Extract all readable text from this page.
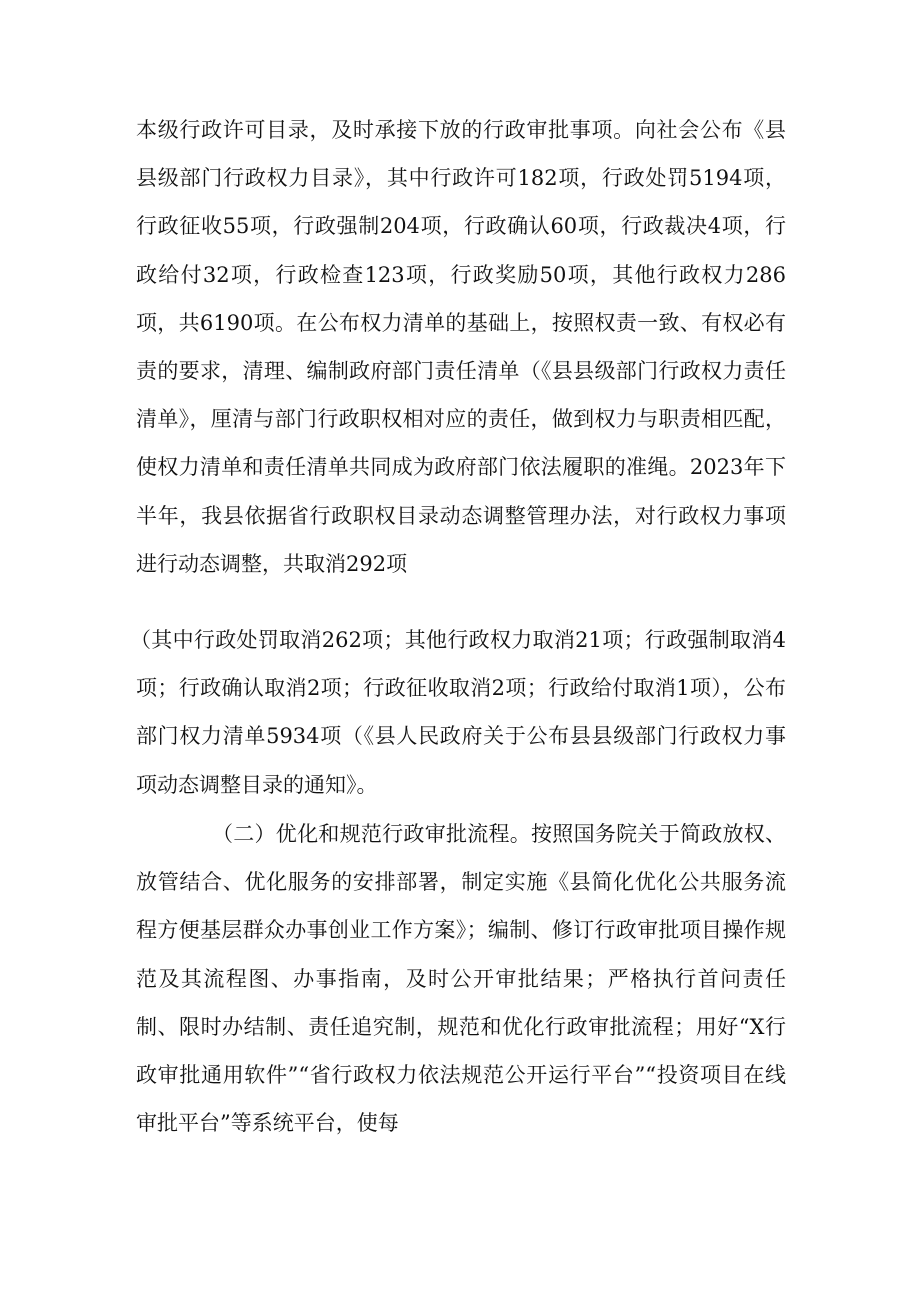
本级行政许可目录，及时承接下放的行政审批事项。向社会公布《县县级部门行政权力目录》，其中行政许可182项，行政处罚5194项，行政征收55项，行政强制204项，行政确认60项，行政裁决4项，行政给付32项，行政检查123项，行政奖励50项，其他行政权力286项，共6190项。在公布权力清单的基础上，按照权责一致、有权必有责的要求，清理、编制政府部门责任清单（《县县级部门行政权力责任清单》，厘清与部门行政职权相对应的责任，做到权力与职责相匹配，使权力清单和责任清单共同成为政府部门依法履职的准绳。2023年下半年，我县依据省行政职权目录动态调整管理办法，对行政权力事项进行动态调整，共取消292项
（其中行政处罚取消262项；其他行政权力取消21项；行政强制取消4项；行政确认取消2项；行政征收取消2项；行政给付取消1项），公布部门权力清单5934项（《县人民政府关于公布县县级部门行政权力事项动态调整目录的通知》。
（二）优化和规范行政审批流程。按照国务院关于简政放权、放管结合、优化服务的安排部署，制定实施《县简化优化公共服务流程方便基层群众办事创业工作方案》；编制、修订行政审批项目操作规范及其流程图、办事指南，及时公开审批结果；严格执行首问责任制、限时办结制、责任追究制，规范和优化行政审批流程；用好“X行政审批通用软件”“省行政权力依法规范公开运行平台”“投资项目在线审批平台”等系统平台，使每
